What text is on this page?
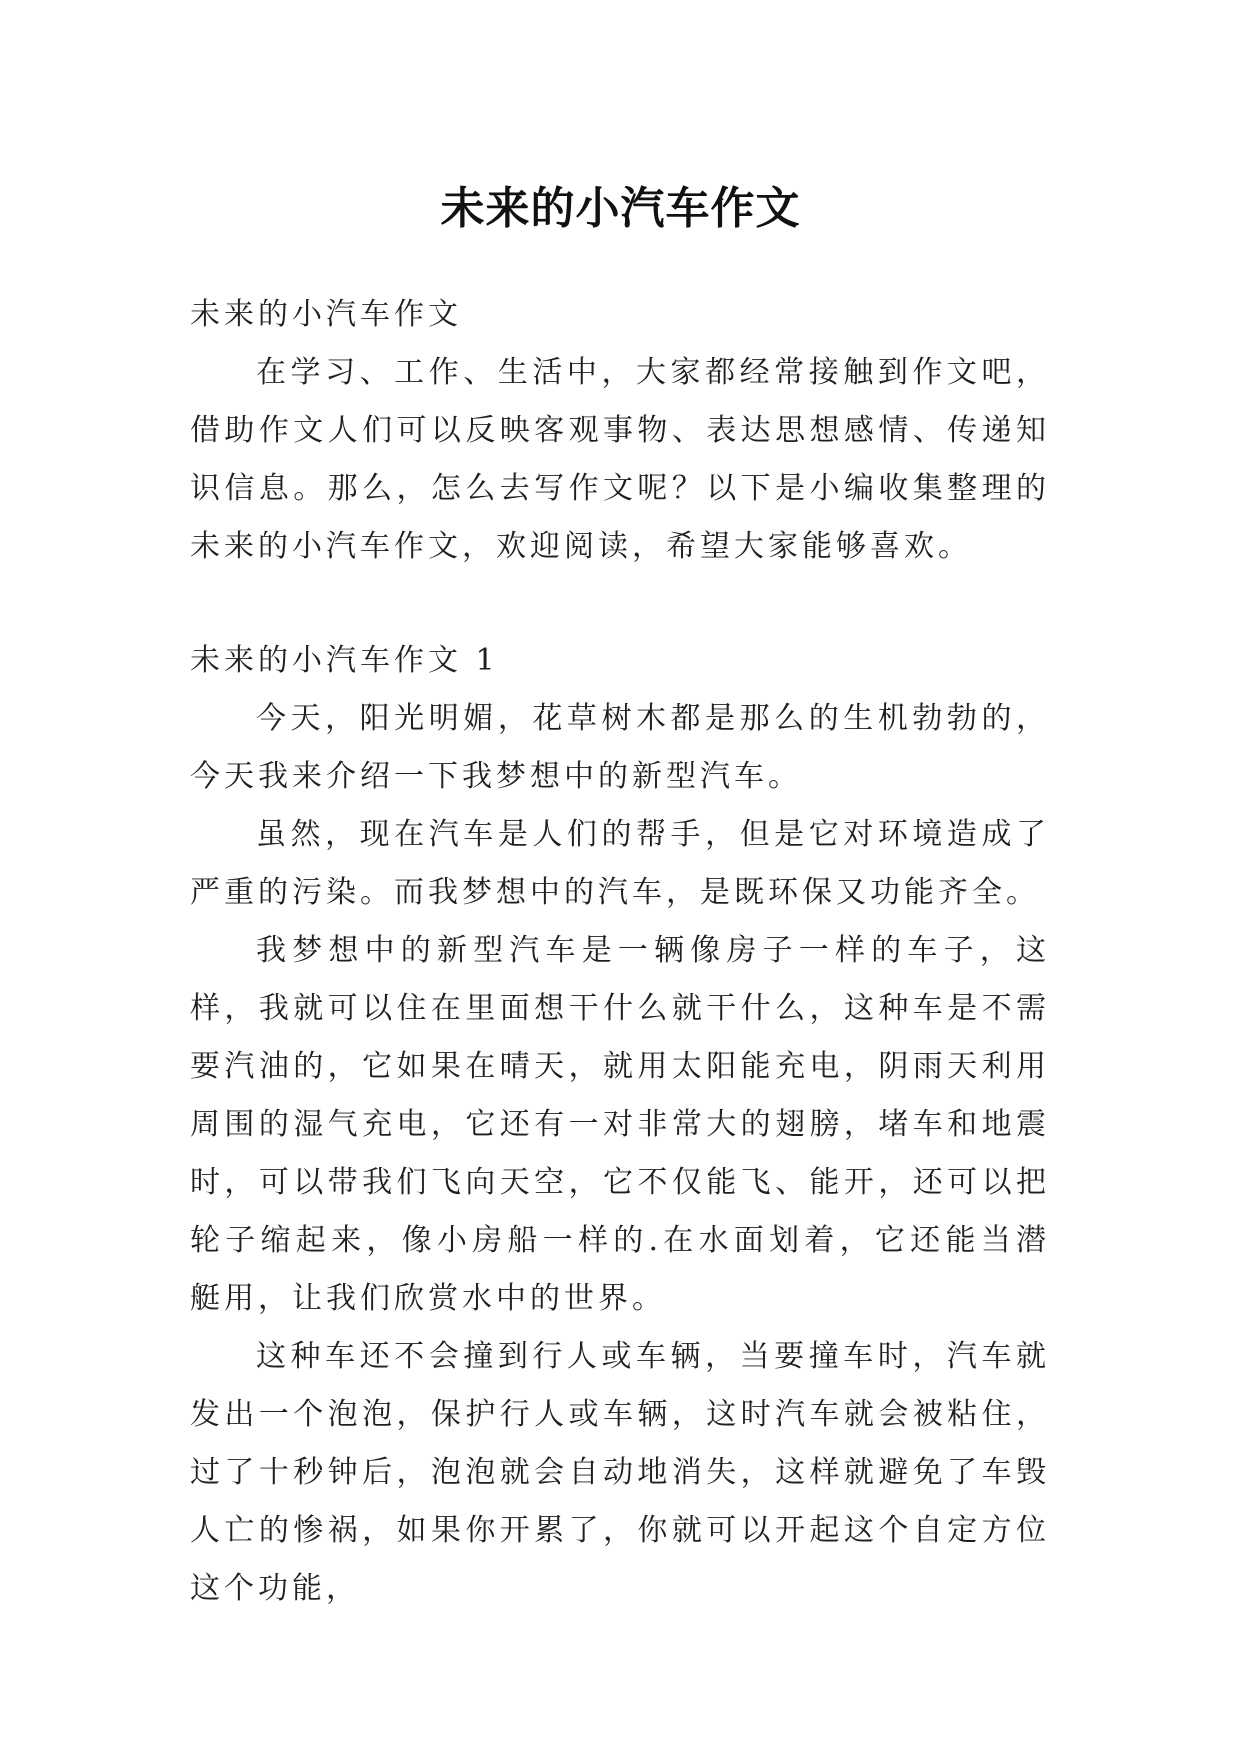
未来的小汽车作文

未来的小汽车作文

在学习、工作、生活中，大家都经常接触到作文吧，借助作文人们可以反映客观事物、表达思想感情、传递知识信息。那么，怎么去写作文呢？以下是小编收集整理的未来的小汽车作文，欢迎阅读，希望大家能够喜欢。

未来的小汽车作文 1

今天，阳光明媚，花草树木都是那么的生机勃勃的，今天我来介绍一下我梦想中的新型汽车。

虽然，现在汽车是人们的帮手，但是它对环境造成了严重的污染。而我梦想中的汽车，是既环保又功能齐全。

我梦想中的新型汽车是一辆像房子一样的车子，这样，我就可以住在里面想干什么就干什么，这种车是不需要汽油的，它如果在晴天，就用太阳能充电，阴雨天利用周围的湿气充电，它还有一对非常大的翅膀，堵车和地震时，可以带我们飞向天空，它不仅能飞、能开，还可以把轮子缩起来，像小房船一样的.在水面划着，它还能当潜艇用，让我们欣赏水中的世界。

这种车还不会撞到行人或车辆，当要撞车时，汽车就发出一个泡泡，保护行人或车辆，这时汽车就会被粘住，过了十秒钟后，泡泡就会自动地消失，这样就避免了车毁人亡的惨祸，如果你开累了，你就可以开起这个自定方位这个功能，
